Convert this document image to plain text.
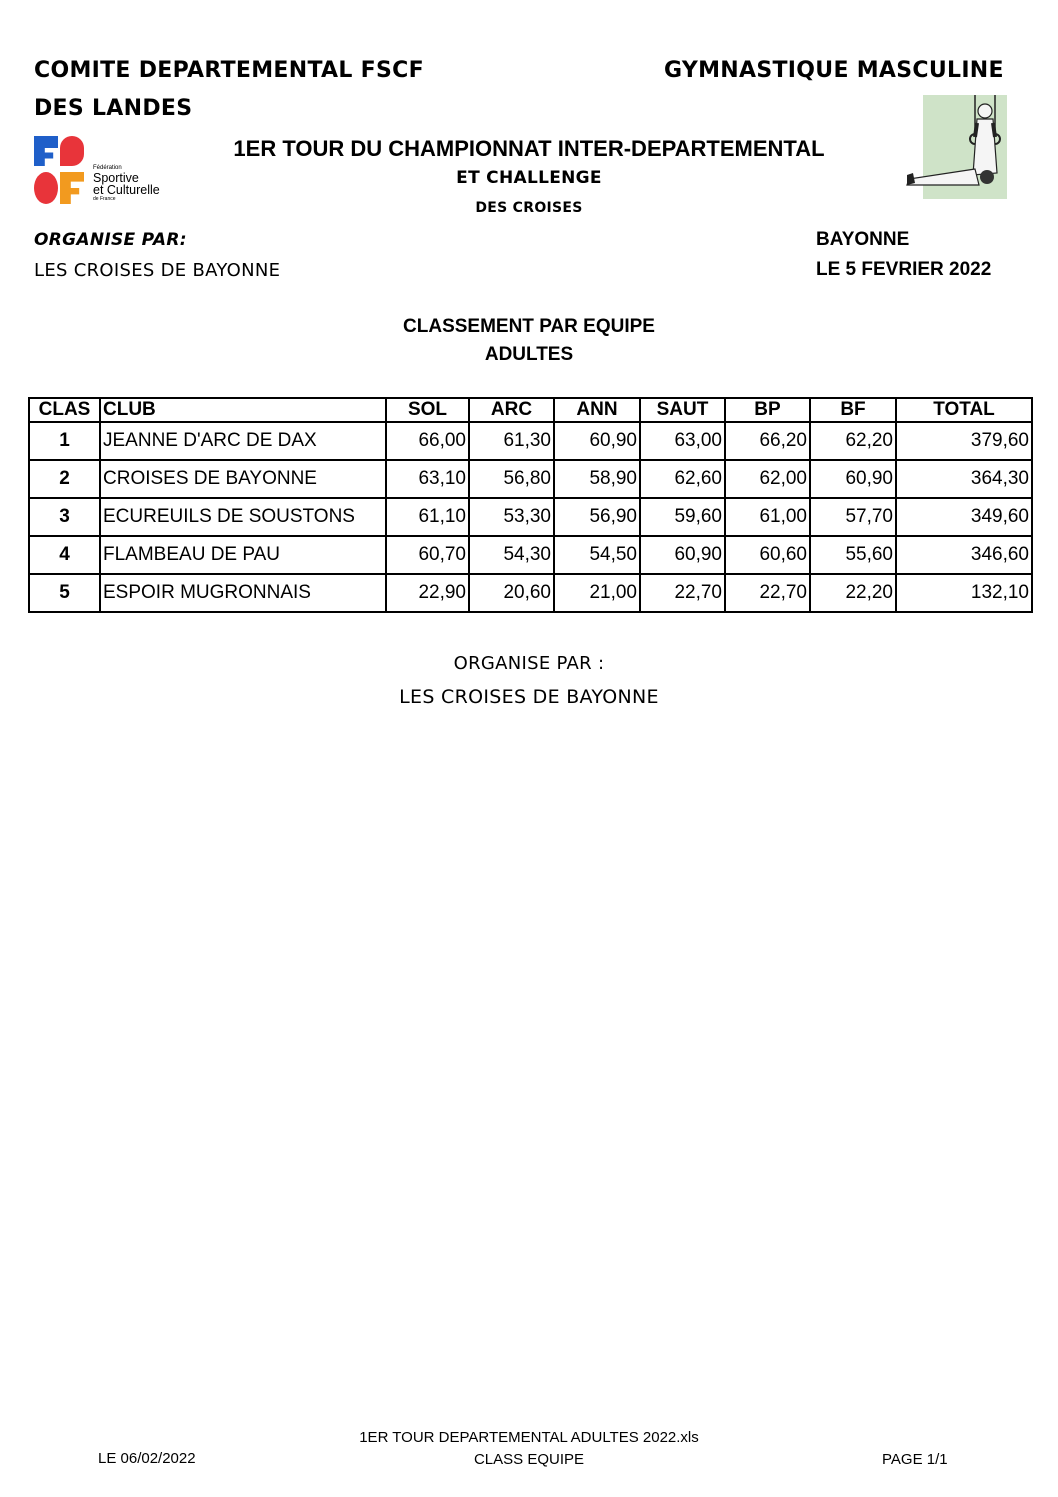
COMITE DEPARTEMENTAL FSCF
DES LANDES
GYMNASTIQUE MASCULINE
Fédération
Sportive
et Culturelle
de France
1ER TOUR DU CHAMPIONNAT INTER-DEPARTEMENTAL
ET CHALLENGE
DES CROISES
ORGANISE PAR:
LES CROISES DE BAYONNE
BAYONNE
LE 5 FEVRIER 2022
CLASSEMENT PAR EQUIPE
ADULTES
CLAS	CLUB	SOL	ARC	ANN	SAUT	BP	BF	TOTAL
1	JEANNE D'ARC DE DAX	66,00	61,30	60,90	63,00	66,20	62,20	379,60
2	CROISES DE BAYONNE	63,10	56,80	58,90	62,60	62,00	60,90	364,30
3	ECUREUILS DE SOUSTONS	61,10	53,30	56,90	59,60	61,00	57,70	349,60
4	FLAMBEAU DE PAU	60,70	54,30	54,50	60,90	60,60	55,60	346,60
5	ESPOIR MUGRONNAIS	22,90	20,60	21,00	22,70	22,70	22,20	132,10
ORGANISE PAR :
LES CROISES DE BAYONNE
1ER TOUR DEPARTEMENTAL ADULTES 2022.xls
CLASS EQUIPE
LE 06/02/2022	PAGE 1/1
